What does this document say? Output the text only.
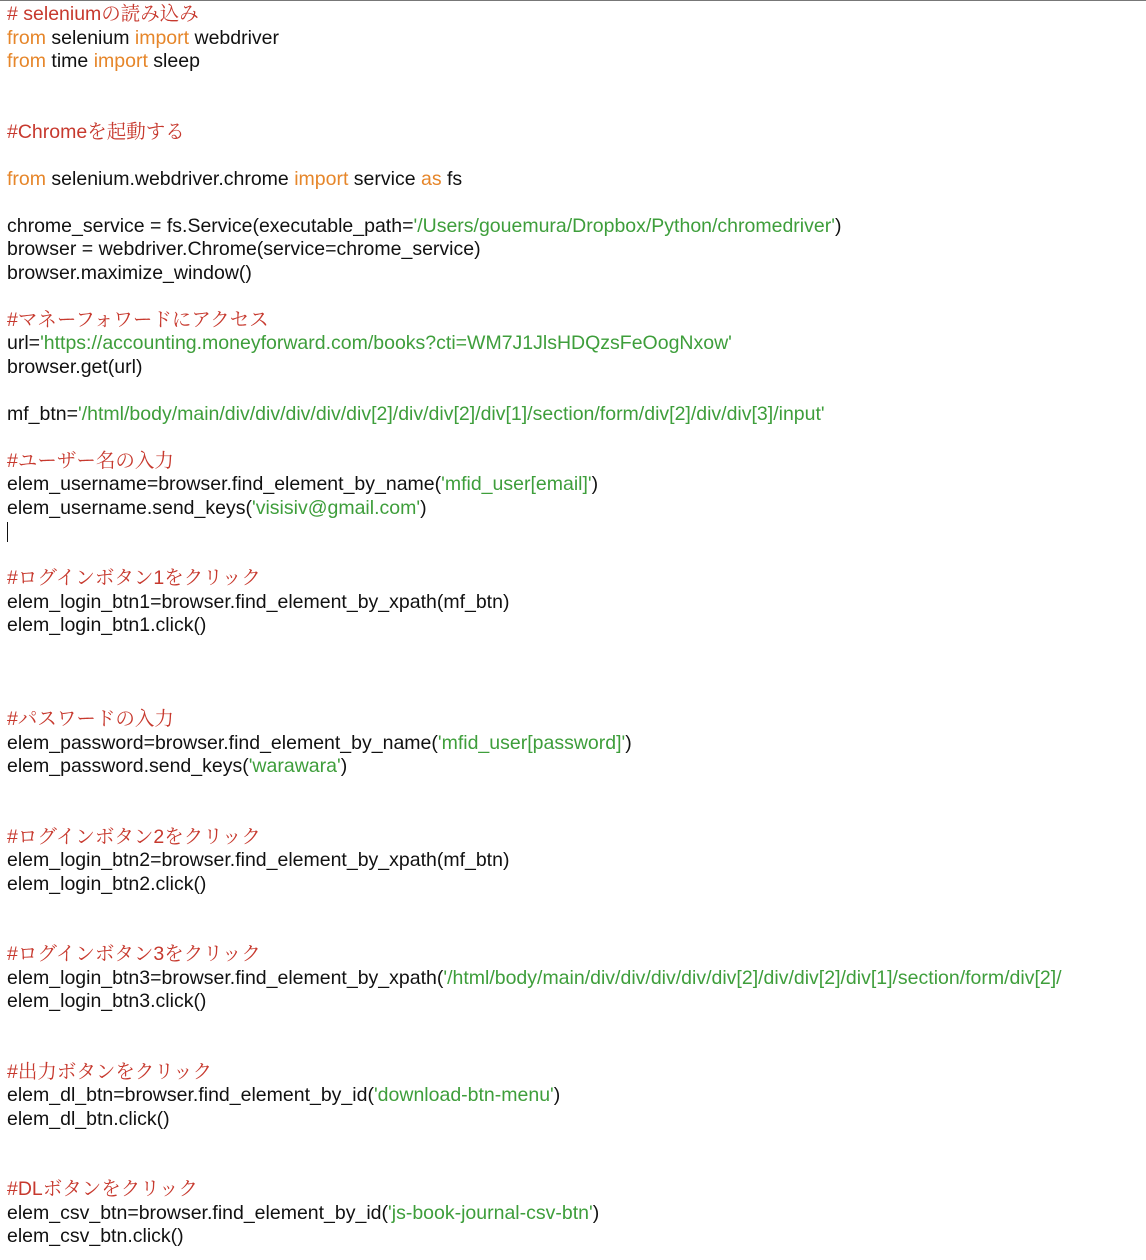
# seleniumの読み込み
from selenium import webdriver
from time import sleep
#Chromeを起動する
from selenium.webdriver.chrome import service as fs
chrome_service = fs.Service(executable_path='/Users/gouemura/Dropbox/Python/chromedriver')
browser = webdriver.Chrome(service=chrome_service)
browser.maximize_window()
#マネーフォワードにアクセス
url='https://accounting.moneyforward.com/books?cti=WM7J1JlsHDQzsFeOogNxow'
browser.get(url)
mf_btn='/html/body/main/div/div/div/div/div[2]/div/div[2]/div[1]/section/form/div[2]/div/div[3]/input'
#ユーザー名の入力
elem_username=browser.find_element_by_name('mfid_user[email]')
elem_username.send_keys('visisiv@gmail.com')
#ログインボタン1をクリック
elem_login_btn1=browser.find_element_by_xpath(mf_btn)
elem_login_btn1.click()
#パスワードの入力
elem_password=browser.find_element_by_name('mfid_user[password]')
elem_password.send_keys('warawara')
#ログインボタン2をクリック
elem_login_btn2=browser.find_element_by_xpath(mf_btn)
elem_login_btn2.click()
#ログインボタン3をクリック
elem_login_btn3=browser.find_element_by_xpath('/html/body/main/div/div/div/div/div[2]/div/div[2]/div[1]/section/form/div[2]/
elem_login_btn3.click()
#出力ボタンをクリック
elem_dl_btn=browser.find_element_by_id('download-btn-menu')
elem_dl_btn.click()
#DLボタンをクリック
elem_csv_btn=browser.find_element_by_id('js-book-journal-csv-btn')
elem_csv_btn.click()
